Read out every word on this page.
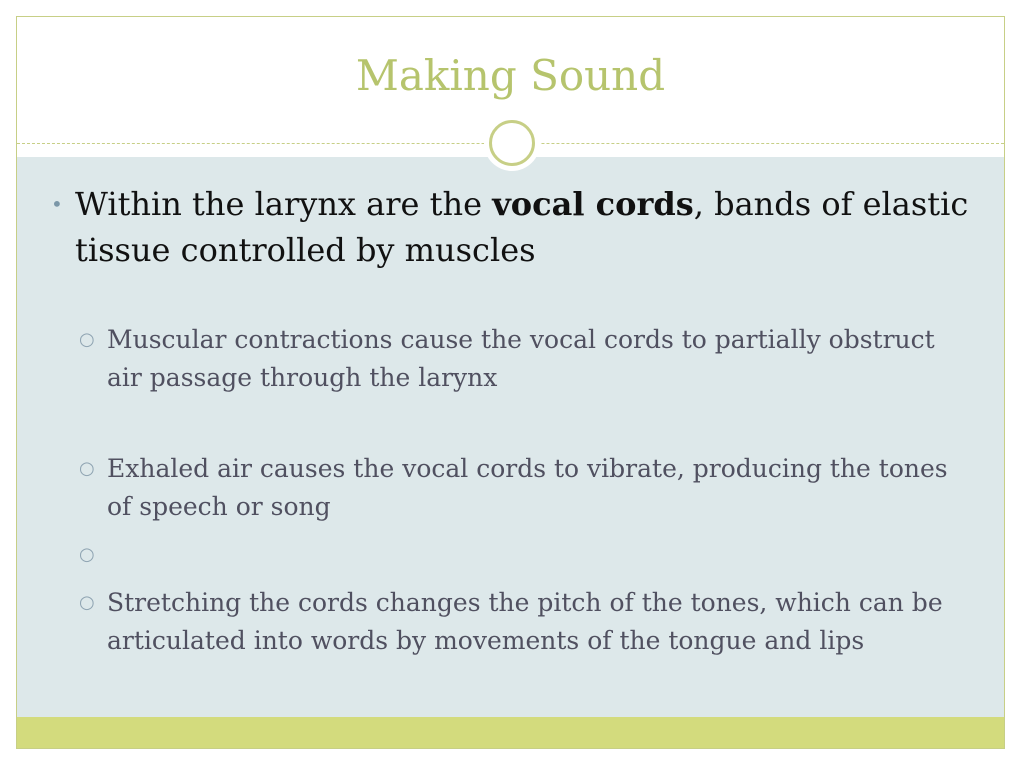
Making Sound

• Within the larynx are the vocal cords, bands of elastic tissue controlled by muscles

○ Muscular contractions cause the vocal cords to partially obstruct air passage through the larynx

○ Exhaled air causes the vocal cords to vibrate, producing the tones of speech or song

○

○ Stretching the cords changes the pitch of the tones, which can be articulated into words by movements of the tongue and lips
